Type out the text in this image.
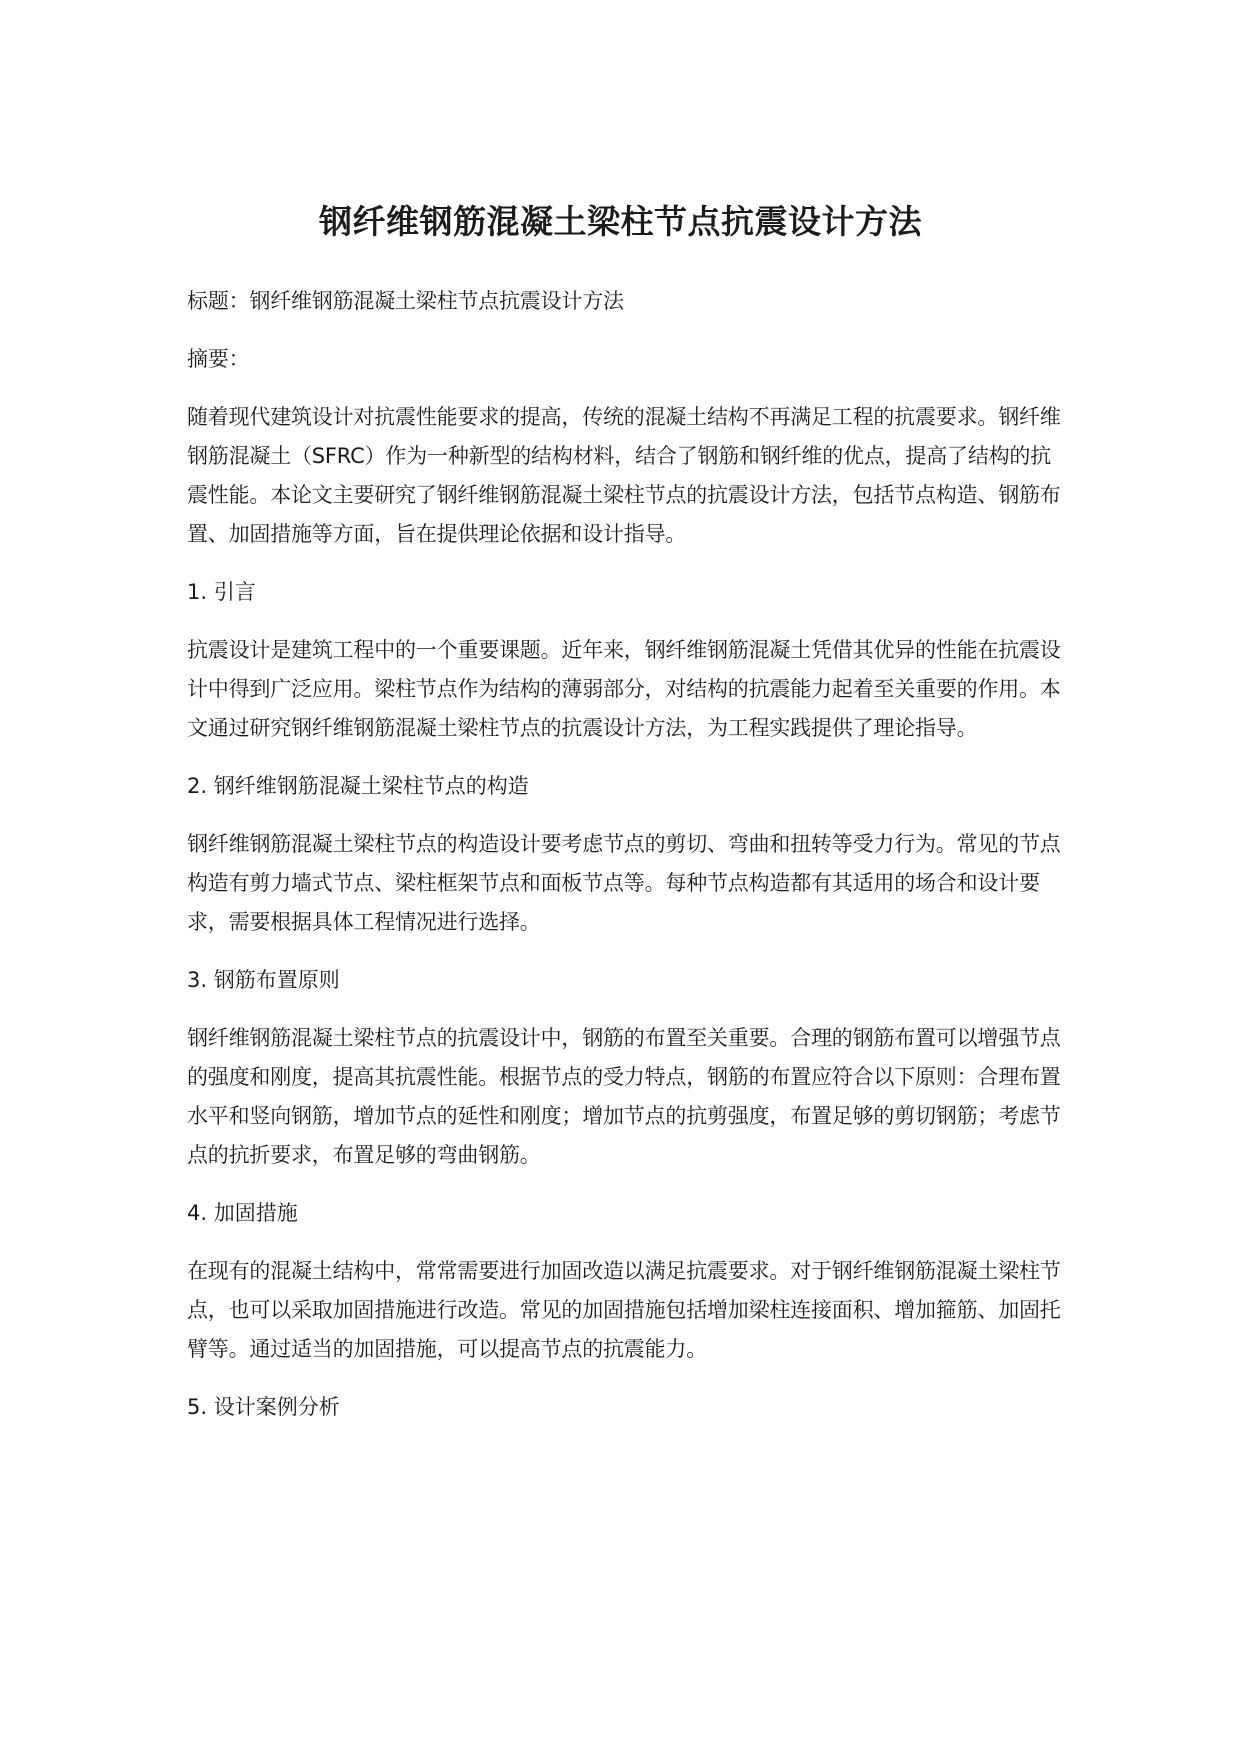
钢纤维钢筋混凝土梁柱节点抗震设计方法

标题：钢纤维钢筋混凝土梁柱节点抗震设计方法

摘要：

随着现代建筑设计对抗震性能要求的提高，传统的混凝土结构不再满足工程的抗震要求。钢纤维钢筋混凝土（SFRC）作为一种新型的结构材料，结合了钢筋和钢纤维的优点，提高了结构的抗震性能。本论文主要研究了钢纤维钢筋混凝土梁柱节点的抗震设计方法，包括节点构造、钢筋布置、加固措施等方面，旨在提供理论依据和设计指导。

1. 引言

抗震设计是建筑工程中的一个重要课题。近年来，钢纤维钢筋混凝土凭借其优异的性能在抗震设计中得到广泛应用。梁柱节点作为结构的薄弱部分，对结构的抗震能力起着至关重要的作用。本文通过研究钢纤维钢筋混凝土梁柱节点的抗震设计方法，为工程实践提供了理论指导。

2. 钢纤维钢筋混凝土梁柱节点的构造

钢纤维钢筋混凝土梁柱节点的构造设计要考虑节点的剪切、弯曲和扭转等受力行为。常见的节点构造有剪力墙式节点、梁柱框架节点和面板节点等。每种节点构造都有其适用的场合和设计要求，需要根据具体工程情况进行选择。

3. 钢筋布置原则

钢纤维钢筋混凝土梁柱节点的抗震设计中，钢筋的布置至关重要。合理的钢筋布置可以增强节点的强度和刚度，提高其抗震性能。根据节点的受力特点，钢筋的布置应符合以下原则：合理布置水平和竖向钢筋，增加节点的延性和刚度；增加节点的抗剪强度，布置足够的剪切钢筋；考虑节点的抗折要求，布置足够的弯曲钢筋。

4. 加固措施

在现有的混凝土结构中，常常需要进行加固改造以满足抗震要求。对于钢纤维钢筋混凝土梁柱节点，也可以采取加固措施进行改造。常见的加固措施包括增加梁柱连接面积、增加箍筋、加固托臂等。通过适当的加固措施，可以提高节点的抗震能力。

5. 设计案例分析
